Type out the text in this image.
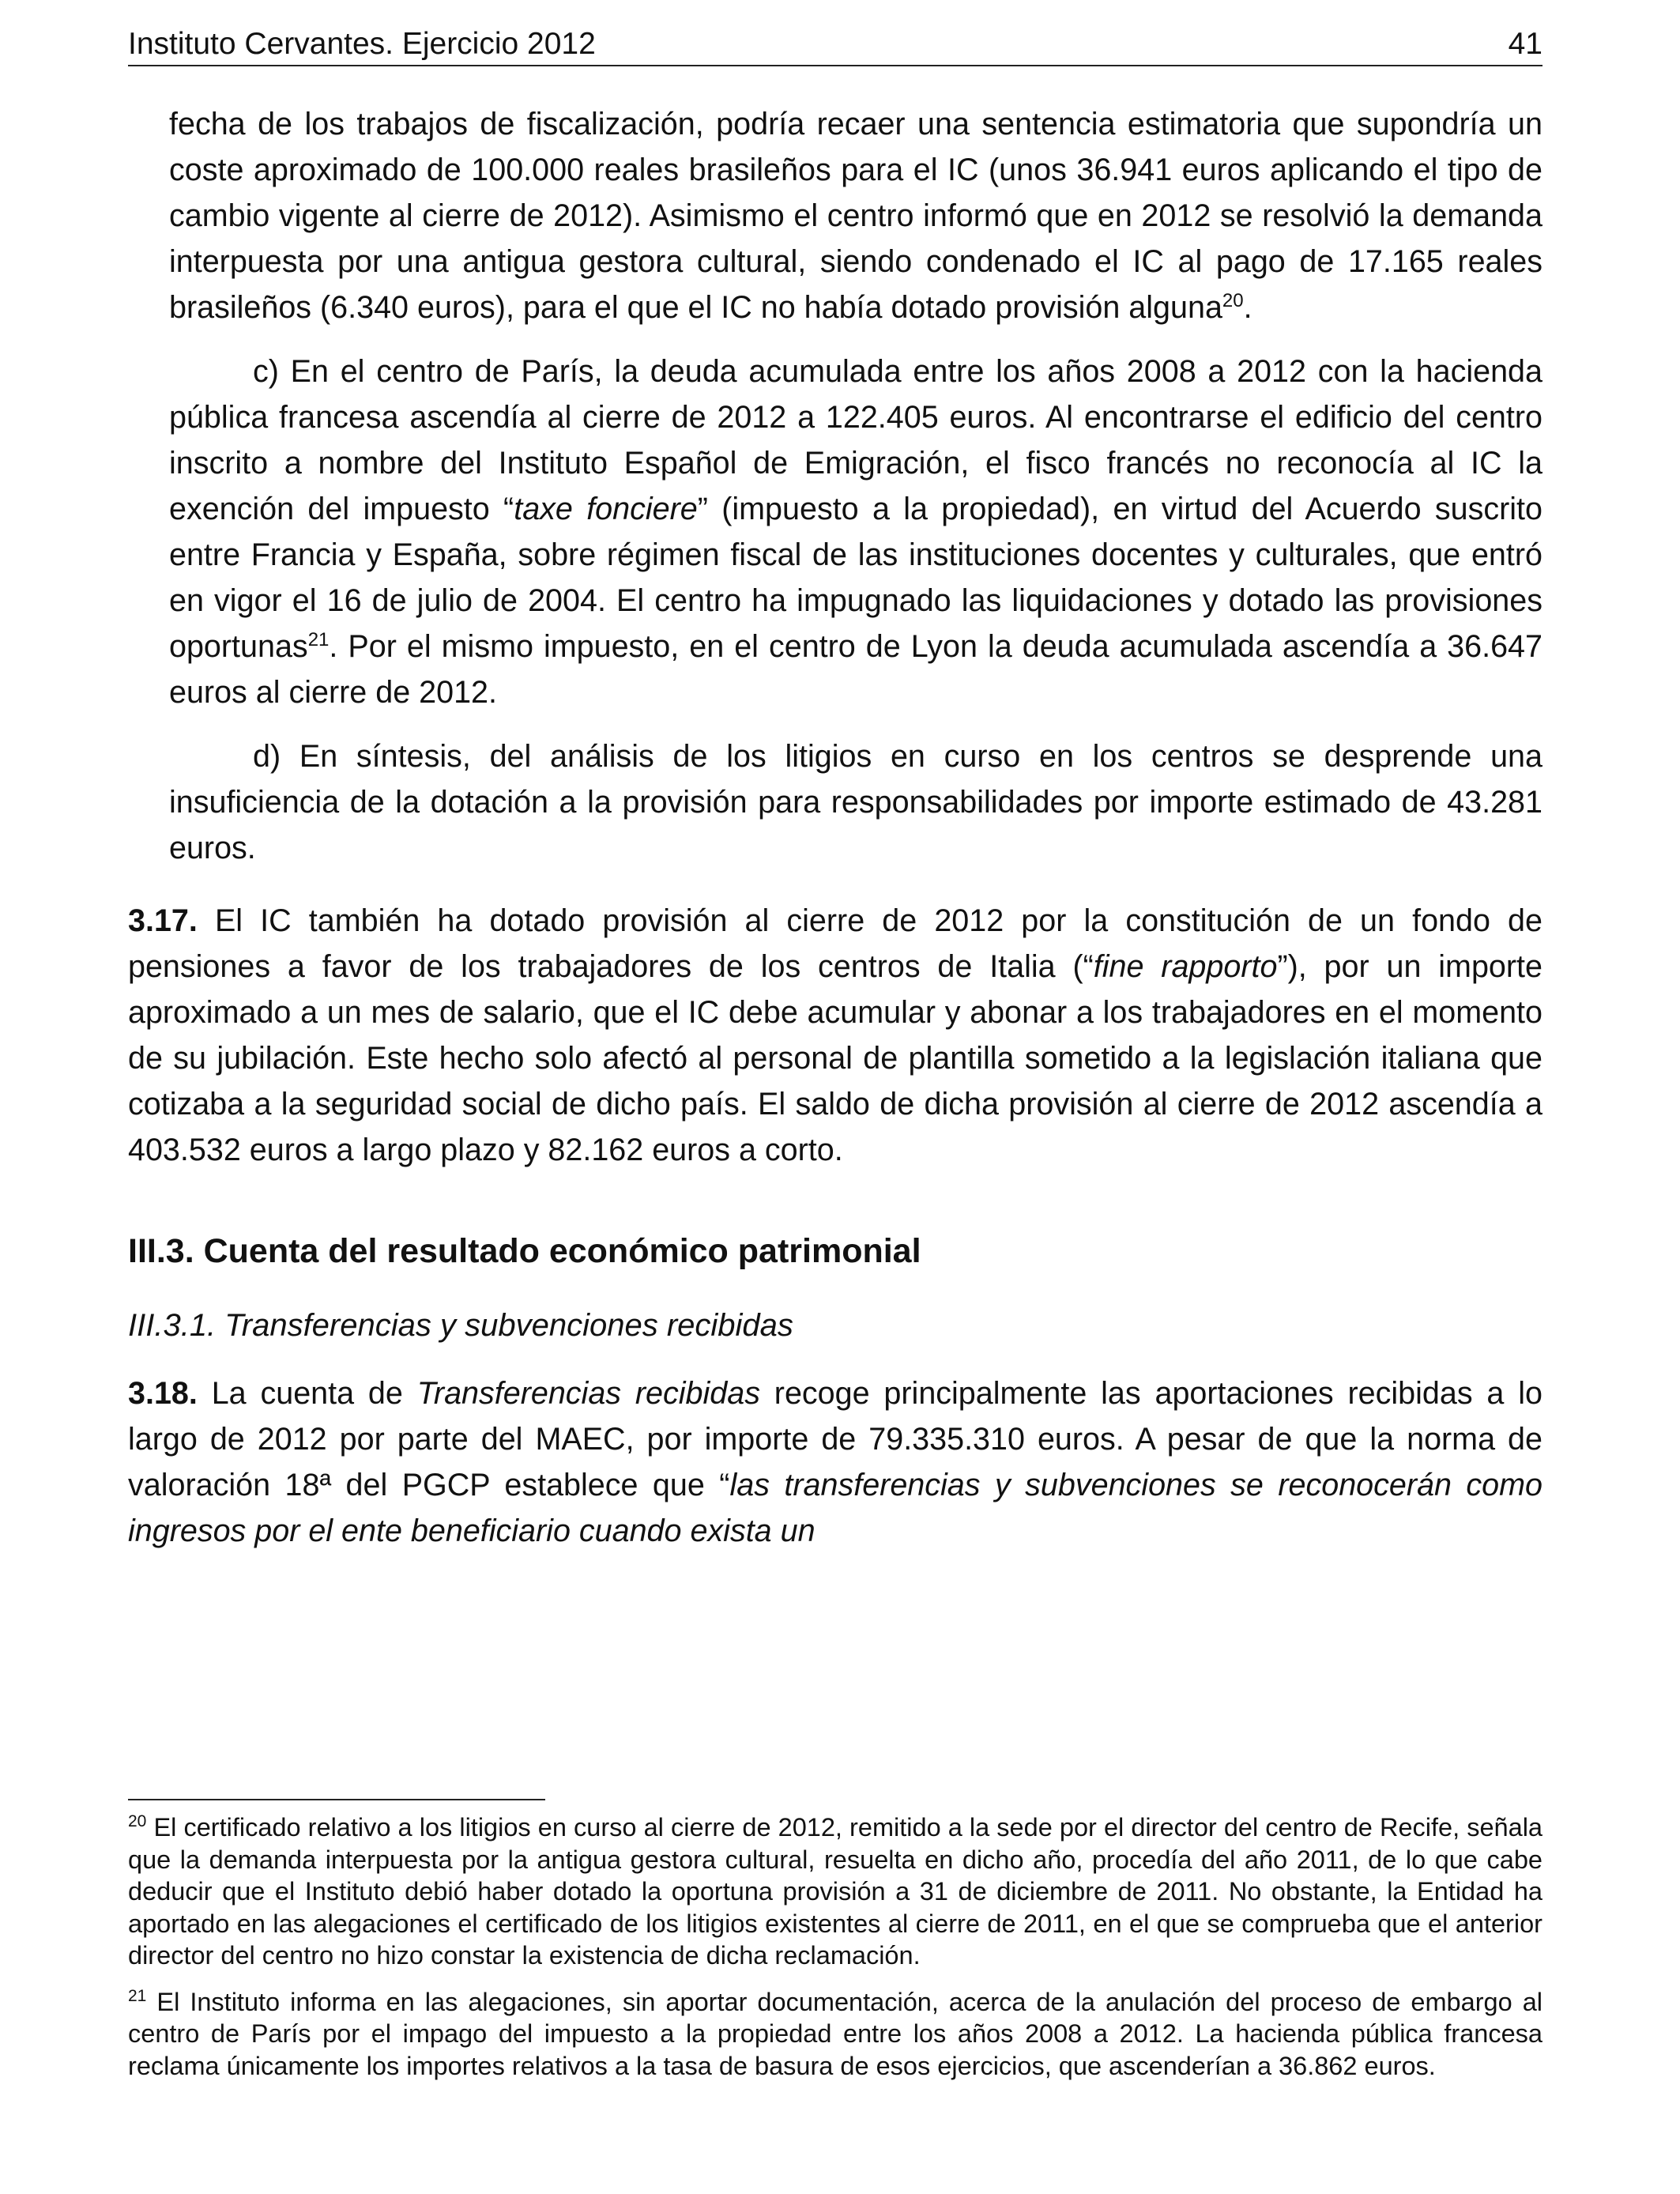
Instituto Cervantes. Ejercicio 2012	41

fecha de los trabajos de fiscalización, podría recaer una sentencia estimatoria que supondría un coste aproximado de 100.000 reales brasileños para el IC (unos 36.941 euros aplicando el tipo de cambio vigente al cierre de 2012). Asimismo el centro informó que en 2012 se resolvió la demanda interpuesta por una antigua gestora cultural, siendo condenado el IC al pago de 17.165 reales brasileños (6.340 euros), para el que el IC no había dotado provisión alguna$^{20}$.

c) En el centro de París, la deuda acumulada entre los años 2008 a 2012 con la hacienda pública francesa ascendía al cierre de 2012 a 122.405 euros. Al encontrarse el edificio del centro inscrito a nombre del Instituto Español de Emigración, el fisco francés no reconocía al IC la exención del impuesto “taxe fonciere” (impuesto a la propiedad), en virtud del Acuerdo suscrito entre Francia y España, sobre régimen fiscal de las instituciones docentes y culturales, que entró en vigor el 16 de julio de 2004. El centro ha impugnado las liquidaciones y dotado las provisiones oportunas$^{21}$. Por el mismo impuesto, en el centro de Lyon la deuda acumulada ascendía a 36.647 euros al cierre de 2012.

d) En síntesis, del análisis de los litigios en curso en los centros se desprende una insuficiencia de la dotación a la provisión para responsabilidades por importe estimado de 43.281 euros.

3.17. El IC también ha dotado provisión al cierre de 2012 por la constitución de un fondo de pensiones a favor de los trabajadores de los centros de Italia (“fine rapporto”), por un importe aproximado a un mes de salario, que el IC debe acumular y abonar a los trabajadores en el momento de su jubilación. Este hecho solo afectó al personal de plantilla sometido a la legislación italiana que cotizaba a la seguridad social de dicho país. El saldo de dicha provisión al cierre de 2012 ascendía a 403.532 euros a largo plazo y 82.162 euros a corto.

III.3. Cuenta del resultado económico patrimonial
III.3.1. Transferencias y subvenciones recibidas

3.18. La cuenta de Transferencias recibidas recoge principalmente las aportaciones recibidas a lo largo de 2012 por parte del MAEC, por importe de 79.335.310 euros. A pesar de que la norma de valoración 18ª del PGCP establece que “las transferencias y subvenciones se reconocerán como ingresos por el ente beneficiario cuando exista un

$^{20}$ El certificado relativo a los litigios en curso al cierre de 2012, remitido a la sede por el director del centro de Recife, señala que la demanda interpuesta por la antigua gestora cultural, resuelta en dicho año, procedía del año 2011, de lo que cabe deducir que el Instituto debió haber dotado la oportuna provisión a 31 de diciembre de 2011. No obstante, la Entidad ha aportado en las alegaciones el certificado de los litigios existentes al cierre de 2011, en el que se comprueba que el anterior director del centro no hizo constar la existencia de dicha reclamación.

$^{21}$ El Instituto informa en las alegaciones, sin aportar documentación, acerca de la anulación del proceso de embargo al centro de París por el impago del impuesto a la propiedad entre los años 2008 a 2012. La hacienda pública francesa reclama únicamente los importes relativos a la tasa de basura de esos ejercicios, que ascenderían a 36.862 euros.
